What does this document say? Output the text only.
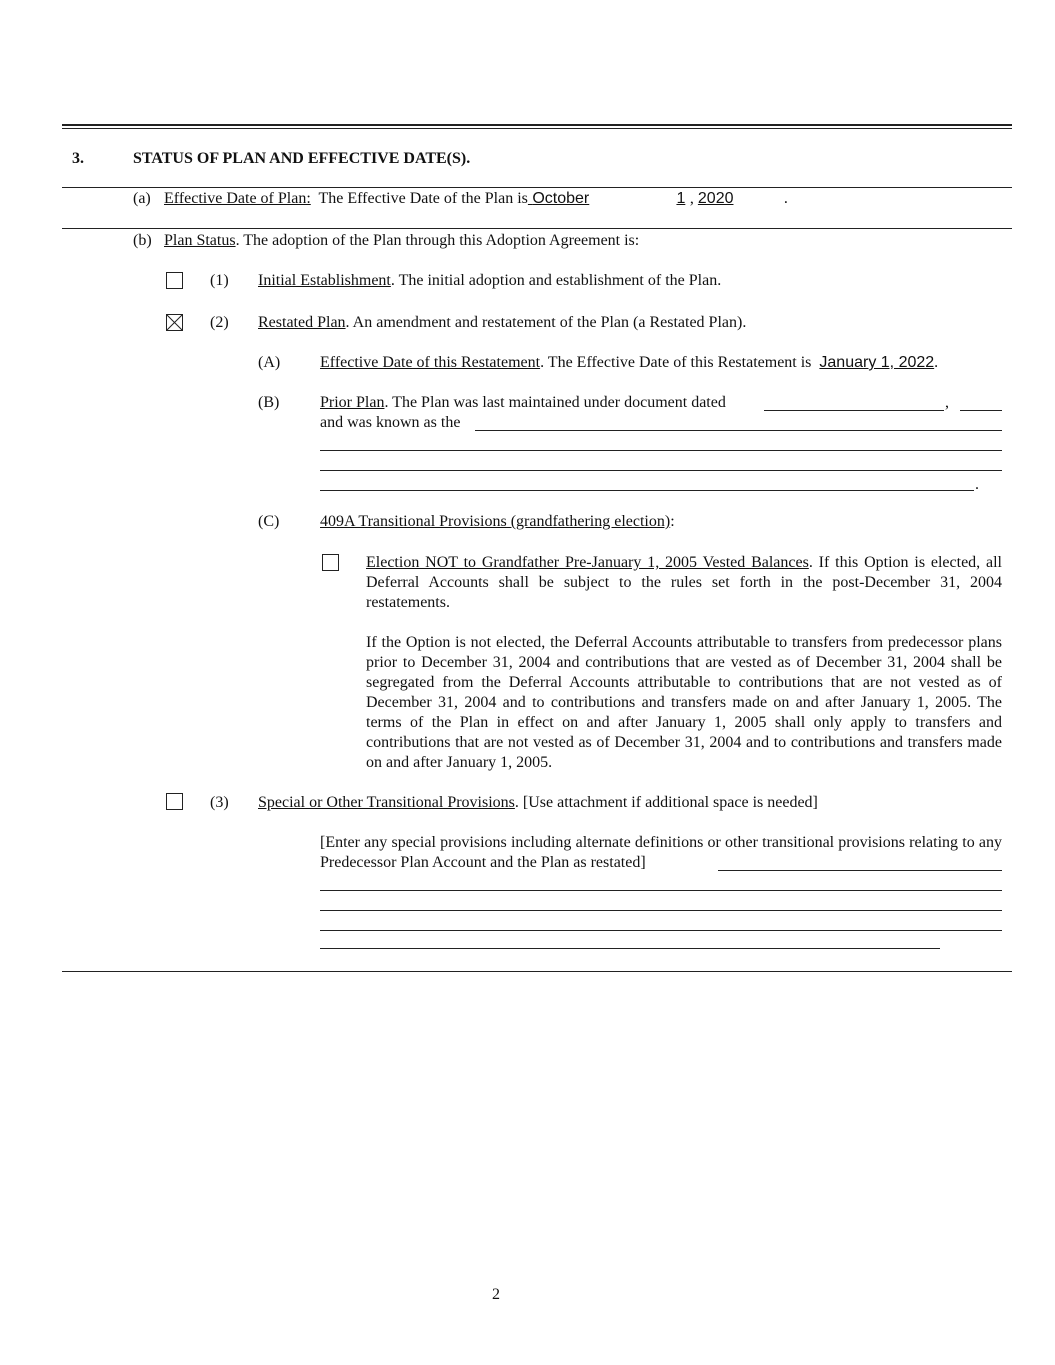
3.	STATUS OF PLAN AND EFFECTIVE DATE(S).
(a) Effective Date of Plan: The Effective Date of the Plan is October	1 , 2020	.
(b) Plan Status. The adoption of the Plan through this Adoption Agreement is:
(1) Initial Establishment. The initial adoption and establishment of the Plan.
(2) Restated Plan. An amendment and restatement of the Plan (a Restated Plan).
(A) Effective Date of this Restatement. The Effective Date of this Restatement is January 1, 2022.
(B)	Prior Plan. The Plan was last maintained under document dated	,
and was known as the
.
(C)	409A Transitional Provisions (grandfathering election):
Election NOT to Grandfather Pre-January 1, 2005 Vested Balances. If this Option is elected, all Deferral Accounts shall be subject to the rules set forth in the post-December 31, 2004 restatements.
If the Option is not elected, the Deferral Accounts attributable to transfers from predecessor plans prior to December 31, 2004 and contributions that are vested as of December 31, 2004 shall be segregated from the Deferral Accounts attributable to contributions that are not vested as of December 31, 2004 and to contributions and transfers made on and after January 1, 2005. The terms of the Plan in effect on and after January 1, 2005 shall only apply to transfers and contributions that are not vested as of December 31, 2004 and to contributions and transfers made on and after January 1, 2005.
(3) Special or Other Transitional Provisions. [Use attachment if additional space is needed]
[Enter any special provisions including alternate definitions or other transitional provisions relating to any Predecessor Plan Account and the Plan as restated]
2
